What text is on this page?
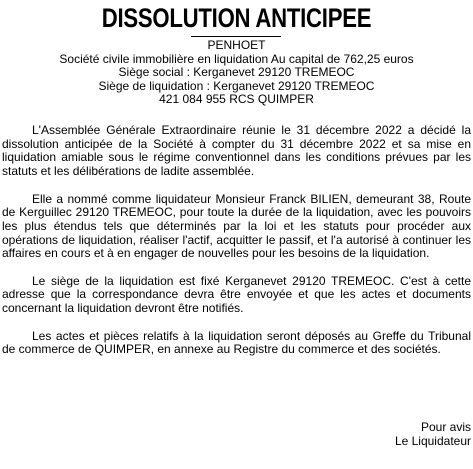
DISSOLUTION ANTICIPEE
PENHOET
Société civile immobilière en liquidation Au capital de 762,25 euros
Siège social : Kerganevet 29120 TREMEOC
Siège de liquidation : Kerganevet 29120 TREMEOC
421 084 955 RCS QUIMPER

L'Assemblée Générale Extraordinaire réunie le 31 décembre 2022 a décidé la dissolution anticipée de la Société à compter du 31 décembre 2022 et sa mise en liquidation amiable sous le régime conventionnel dans les conditions prévues par les statuts et les délibérations de ladite assemblée.

Elle a nommé comme liquidateur Monsieur Franck BILIEN, demeurant 38, Route de Kerguillec 29120 TREMEOC, pour toute la durée de la liquidation, avec les pouvoirs les plus étendus tels que déterminés par la loi et les statuts pour procéder aux opérations de liquidation, réaliser l'actif, acquitter le passif, et l'a autorisé à continuer les affaires en cours et à en engager de nouvelles pour les besoins de la liquidation.

Le siège de la liquidation est fixé Kerganevet 29120 TREMEOC. C'est à cette adresse que la correspondance devra être envoyée et que les actes et documents concernant la liquidation devront être notifiés.

Les actes et pièces relatifs à la liquidation seront déposés au Greffe du Tribunal de commerce de QUIMPER, en annexe au Registre du commerce et des sociétés.

Pour avis
Le Liquidateur
